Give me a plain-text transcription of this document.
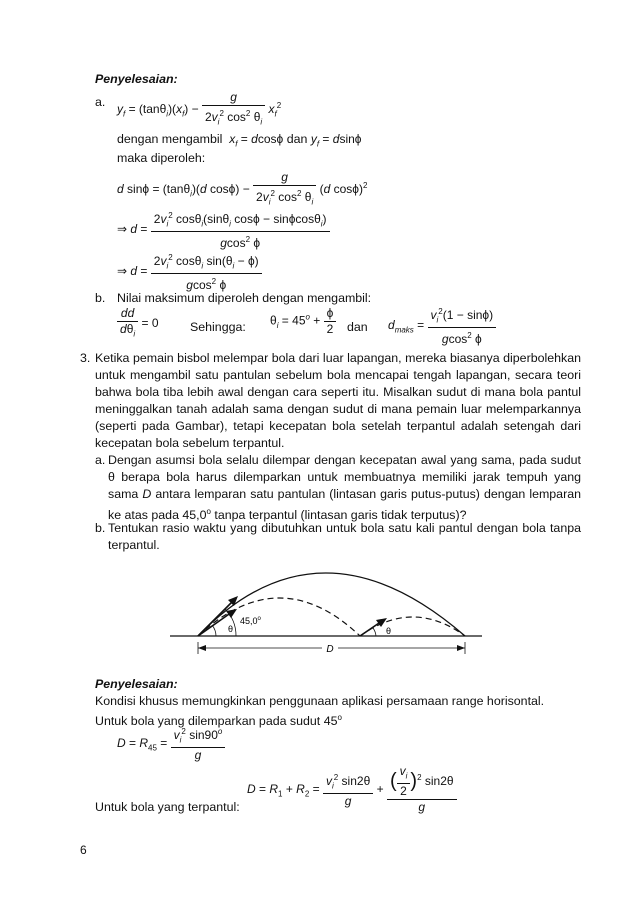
Penyelesaian:
a. $y_f = (\tan\theta_i)(x_f) - \frac{g}{2v_i^2 \cos^2 \theta_i} x_f^2$
dengan mengambil $x_f = dcos\phi$ dan $y_f = dsin\phi$
maka diperoleh:
d sinϕ = (tanθ$_i$)(d $\cos\phi) - \frac{g}{2v_i^2 \cos^2 \theta_i} (d$ cosϕ)$^2$
⇒ $d = \frac{2v_i^2 \cos\theta_i(\sin\theta_i \cos\phi - \sin\phi\cos\theta_i)}{gcos^2 \phi}$
⇒ $d = \frac{2v_i^2 \cos\theta_i \sin(\theta_i - \phi)}{gcos^2 \phi}$
b. Nilai maksimum diperoleh dengan mengambil:
$\frac{dd}{d\theta_i} = 0$	Sehingga: $\theta_i = 45^o + \frac{\phi}{2}$ dan $d_{maks} = \frac{v_i^2(1 - \sin\phi)}{gcos^2 \phi}$
3. Ketika pemain bisbol melempar bola dari luar lapangan, mereka biasanya diperbolehkan untuk mengambil satu pantulan sebelum bola mencapai tengah lapangan, secara teori bahwa bola tiba lebih awal dengan cara seperti itu. Misalkan sudut di mana bola pantul meninggalkan tanah adalah sama dengan sudut di mana pemain luar melemparkannya (seperti pada Gambar), tetapi kecepatan bola setelah terpantul adalah setengah dari kecepatan bola sebelum terpantul.
a. Dengan asumsi bola selalu dilempar dengan kecepatan awal yang sama, pada sudut θ berapa bola harus dilemparkan untuk membuatnya memiliki jarak tempuh yang sama D antara lemparan satu pantulan (lintasan garis putus-putus) dengan lemparan ke atas pada 45,0$^o$ tanpa terpantul (lintasan garis tidak terputus)?
b. Tentukan rasio waktu yang dibutuhkan untuk bola satu kali pantul dengan bola tanpa terpantul.
D
θ
45,0$^o$
θ
Penyelesaian:
Kondisi khusus memungkinkan penggunaan aplikasi persamaan range horisontal.
Untuk bola yang dilemparkan pada sudut 45$^o$
$D = R_{45} = \frac{v_i^2 \sin 90^o}{g}$
Untuk bola yang terpantul:
$D = R_1 + R_2 = \frac{v_i^2 \sin 2\theta}{g} + \frac{( \frac{v_i}{2} )^2 \sin 2\theta}{g}$
6
